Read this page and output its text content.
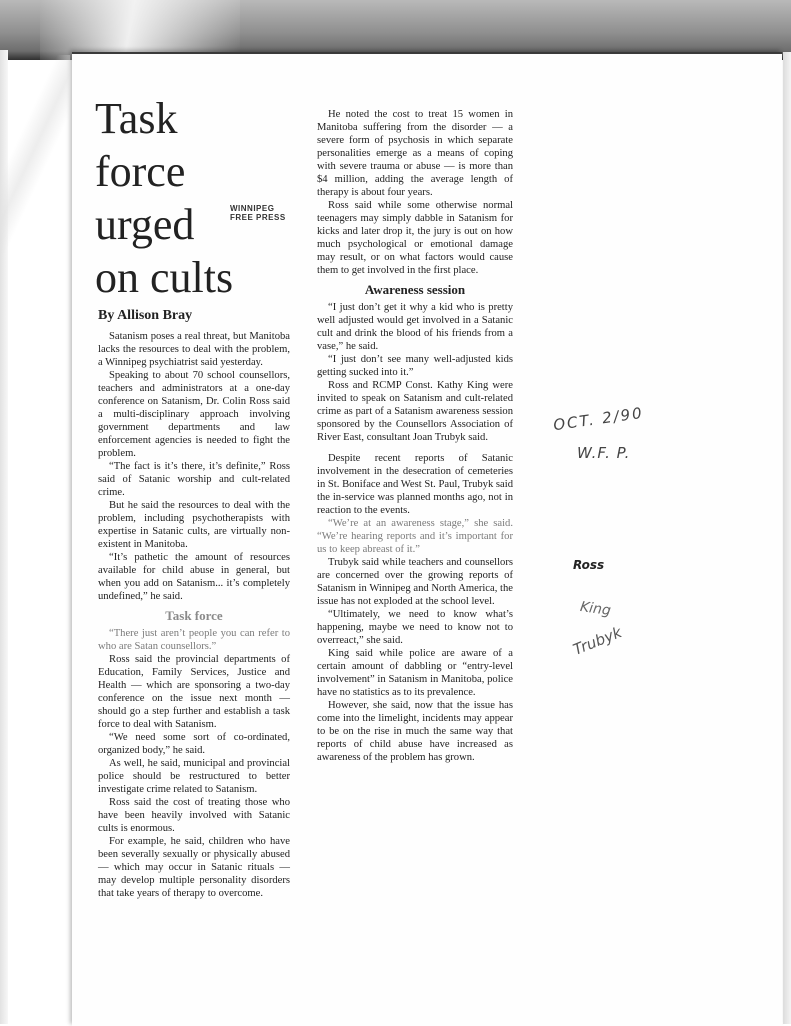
Task
force
urged
on cults
WINNIPEG
FREE PRESS
By Allison Bray

Satanism poses a real threat, but Manitoba lacks the resources to deal with the problem, a Winnipeg psychiatrist said yesterday.

Speaking to about 70 school counsellors, teachers and administrators at a one-day conference on Satanism, Dr. Colin Ross said a multi-disciplinary approach involving government departments and law enforcement agencies is needed to fight the problem.

“The fact is it’s there, it’s definite,” Ross said of Satanic worship and cult-related crime.

But he said the resources to deal with the problem, including psychotherapists with expertise in Satanic cults, are virtually non-existent in Manitoba.

“It’s pathetic the amount of resources available for child abuse in general, but when you add on Satanism... it’s completely undefined,” he said.

Task force

“There just aren’t people you can refer to who are Satan counsellors.”

Ross said the provincial departments of Education, Family Services, Justice and Health — which are sponsoring a two-day conference on the issue next month — should go a step further and establish a task force to deal with Satanism.

“We need some sort of co-ordinated, organized body,” he said.

As well, he said, municipal and provincial police should be restructured to better investigate crime related to Satanism.

Ross said the cost of treating those who have been heavily involved with Satanic cults is enormous.

For example, he said, children who have been severally sexually or physically abused — which may occur in Satanic rituals — may develop multiple personality disorders that take years of therapy to overcome.

He noted the cost to treat 15 women in Manitoba suffering from the disorder — a severe form of psychosis in which separate personalities emerge as a means of coping with severe trauma or abuse — is more than $4 million, adding the average length of therapy is about four years.

Ross said while some otherwise normal teenagers may simply dabble in Satanism for kicks and later drop it, the jury is out on how much psychological or emotional damage may result, or on what factors would cause them to get involved in the first place.

Awareness session

“I just don’t get it why a kid who is pretty well adjusted would get involved in a Satanic cult and drink the blood of his friends from a vase,” he said.

“I just don’t see many well-adjusted kids getting sucked into it.”

Ross and RCMP Const. Kathy King were invited to speak on Satanism and cult-related crime as part of a Satanism awareness session sponsored by the Counsellors Association of River East, consultant Joan Trubyk said.

Despite recent reports of Satanic involvement in the desecration of cemeteries in St. Boniface and West St. Paul, Trubyk said the in-service was planned months ago, not in reaction to the events.

“We’re at an awareness stage,” she said. “We’re hearing reports and it’s important for us to keep abreast of it.”

Trubyk said while teachers and counsellors are concerned over the growing reports of Satanism in Winnipeg and North America, the issue has not exploded at the school level.

“Ultimately, we need to know what’s happening, maybe we need to know not to overreact,” she said.

King said while police are aware of a certain amount of dabbling or “entry-level involvement” in Satanism in Manitoba, police have no statistics as to its prevalence.

However, she said, now that the issue has come into the limelight, incidents may appear to be on the rise in much the same way that reports of child abuse have increased as awareness of the problem has grown.

OCT. 2/90
W.F. P.
Ross
King
Trubyk
